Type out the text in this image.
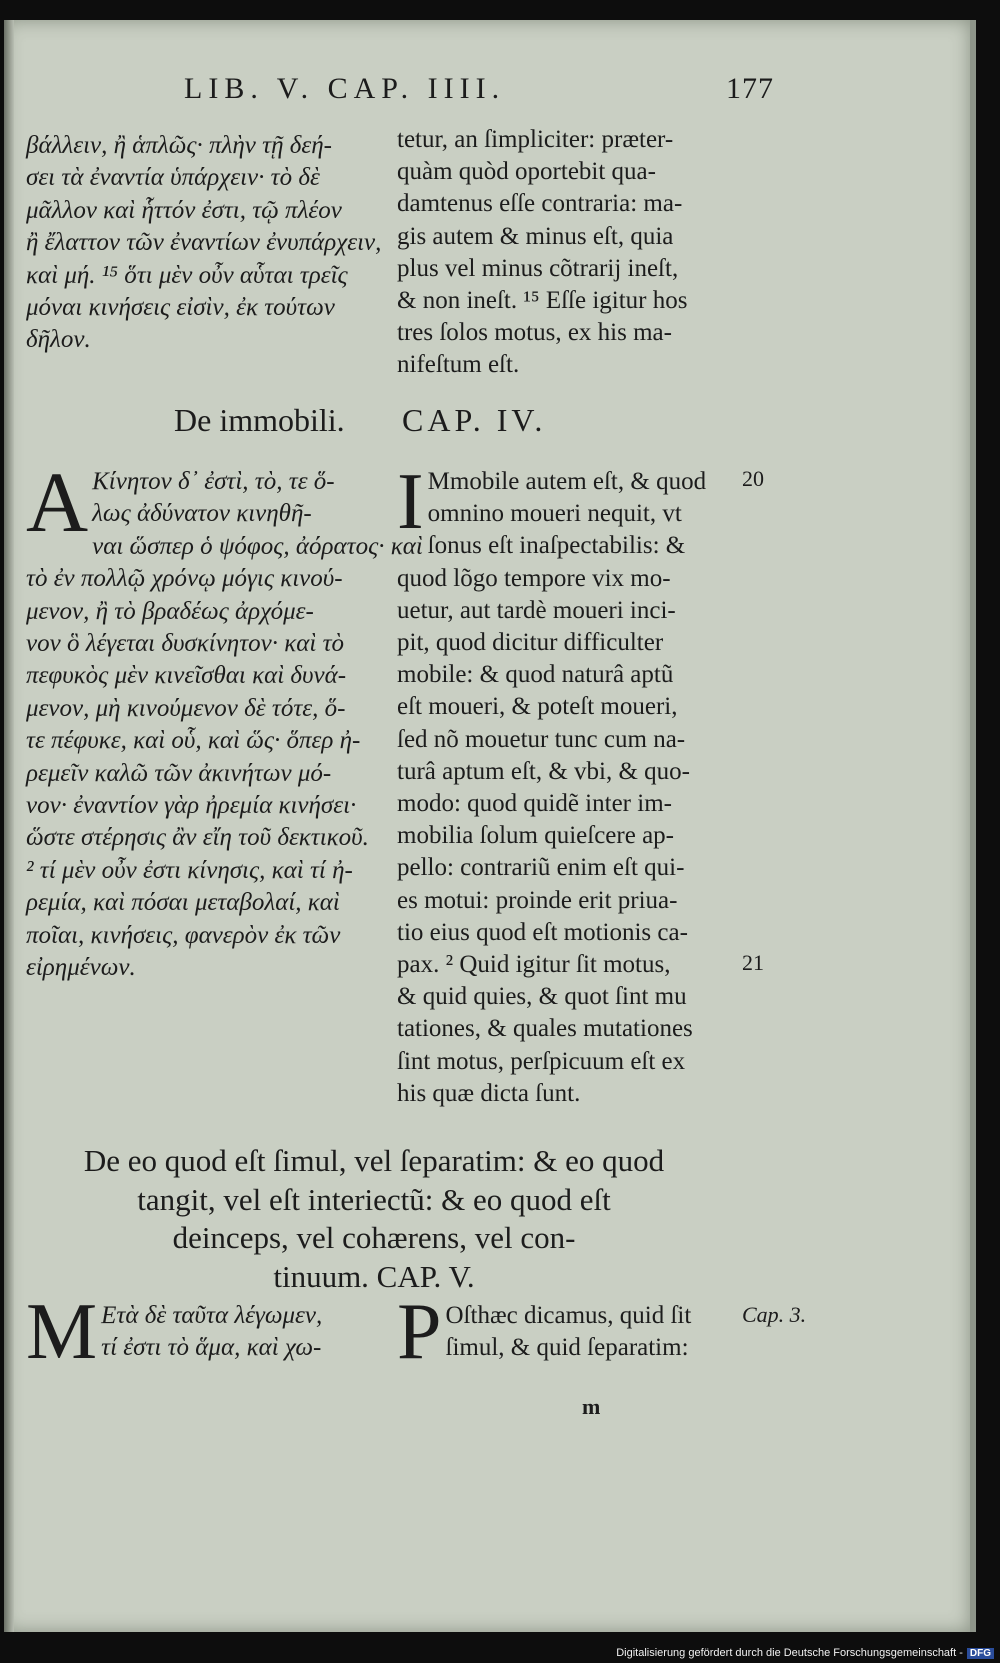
LIB. V. CAP. IIII.	177
βάλλειν, ἢ ἁπλῶς· πλὴν τῇ δεή-
σει τὰ ἐναντία ὑπάρχειν· τὸ δὲ
μᾶλλον καὶ ἧττόν ἐστι, τῷ πλέον
ἢ ἔλαττον τῶν ἐναντίων ἐνυπάρχειν,
καὶ μή. ¹⁵ ὅτι μὲν οὖν αὗται τρεῖς
μόναι κινήσεις εἰσὶν, ἐκ τούτων
δῆλον.
tetur, an ſimpliciter: præter-
quàm quòd oportebit qua-
damtenus eſſe contraria: ma-
gis autem & minus eſt, quia
plus vel minus cõtrarij ineſt,
& non ineſt. ¹⁵ Eſſe igitur hos
tres ſolos motus, ex his ma-
nifeſtum eſt.
De immobili. CAP. IV.
A Κίνητον δ᾽ ἐστὶ, τὸ, τε ὅ-
λως ἀδύνατον κινηθῆ-
ναι ὥσπερ ὁ ψόφος, ἀόρατος· καὶ
τὸ ἐν πολλῷ χρόνῳ μόγις κινού-
μενον, ἢ τὸ βραδέως ἀρχόμε-
νον ὃ λέγεται δυσκίνητον· καὶ τὸ
πεφυκὸς μὲν κινεῖσθαι καὶ δυνά-
μενον, μὴ κινούμενον δὲ τότε, ὅ-
τε πέφυκε, καὶ οὗ, καὶ ὥς· ὅπερ ἠ-
ρεμεῖν καλῶ τῶν ἀκινήτων μό-
νον· ἐναντίον γὰρ ἠρεμία κινήσει·
ὥστε στέρησις ἂν εἴη τοῦ δεκτικοῦ.
² τί μὲν οὖν ἐστι κίνησις, καὶ τί ἠ-
ρεμία, καὶ πόσαι μεταβολαί, καὶ
ποῖαι, κινήσεις, φανερὸν ἐκ τῶν
εἰρημένων.
I Mmobile autem eſt, & quod
omnino moueri nequit, vt
ſonus eſt inaſpectabilis: &
quod lõgo tempore vix mo-
uetur, aut tardè moueri inci-
pit, quod dicitur difficulter
mobile: & quod naturâ aptũ
eſt moueri, & poteſt moueri,
ſed nõ mouetur tunc cum na-
turâ aptum eſt, & vbi, & quo-
modo: quod quidẽ inter im-
mobilia ſolum quieſcere ap-
pello: contrariũ enim eſt qui-
es motui: proinde erit priua-
tio eius quod eſt motionis ca-
pax. ² Quid igitur ſit motus,
& quid quies, & quot ſint mu
tationes, & quales mutationes
ſint motus, perſpicuum eſt ex
his quæ dicta ſunt.
20
21
Cap. 3.
De eo quod eſt ſimul, vel ſeparatim: & eo quod
tangit, vel eſt interiectũ: & eo quod eſt
deinceps, vel cohærens, vel con-
tinuum. CAP. V.
M Ετὰ δὲ ταῦτα λέγωμεν,
τί ἐστι τὸ ἅμα, καὶ χω- P Oſthæc dicamus, quid ſit
ſimul, & quid ſeparatim:
m
Digitalisierung gefördert durch die Deutsche Forschungsgemeinschaft - DFG
